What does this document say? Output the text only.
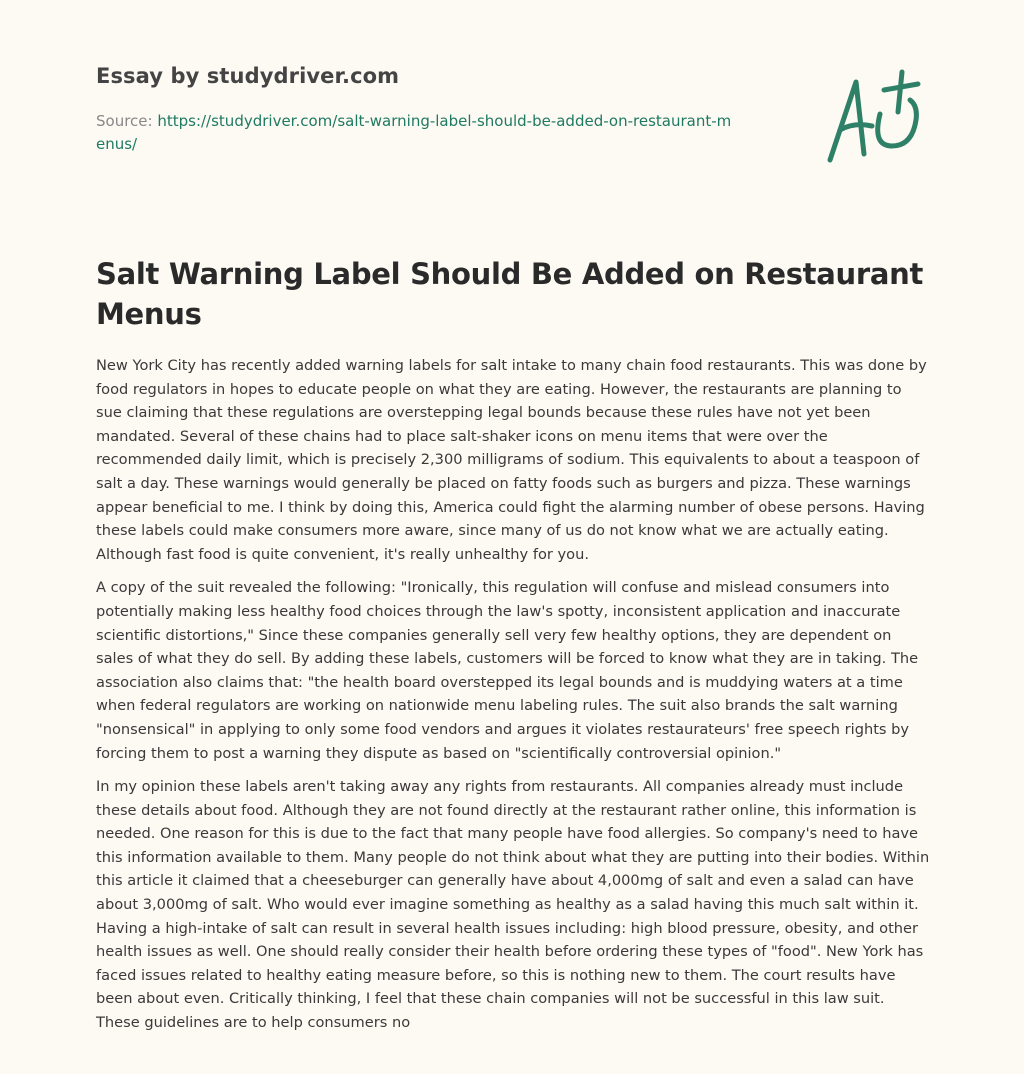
Essay by studydriver.com

Source: https://studydriver.com/salt-warning-label-should-be-added-on-restaurant-menus/

Salt Warning Label Should Be Added on Restaurant Menus

New York City has recently added warning labels for salt intake to many chain food restaurants. This was done by food regulators in hopes to educate people on what they are eating. However, the restaurants are planning to sue claiming that these regulations are overstepping legal bounds because these rules have not yet been mandated. Several of these chains had to place salt-shaker icons on menu items that were over the recommended daily limit, which is precisely 2,300 milligrams of sodium. This equivalents to about a teaspoon of salt a day. These warnings would generally be placed on fatty foods such as burgers and pizza. These warnings appear beneficial to me. I think by doing this, America could fight the alarming number of obese persons. Having these labels could make consumers more aware, since many of us do not know what we are actually eating. Although fast food is quite convenient, it's really unhealthy for you.

A copy of the suit revealed the following: "Ironically, this regulation will confuse and mislead consumers into potentially making less healthy food choices through the law's spotty, inconsistent application and inaccurate scientific distortions," Since these companies generally sell very few healthy options, they are dependent on sales of what they do sell. By adding these labels, customers will be forced to know what they are in taking. The association also claims that: "the health board overstepped its legal bounds and is muddying waters at a time when federal regulators are working on nationwide menu labeling rules. The suit also brands the salt warning "nonsensical" in applying to only some food vendors and argues it violates restaurateurs' free speech rights by forcing them to post a warning they dispute as based on "scientifically controversial opinion."

In my opinion these labels aren't taking away any rights from restaurants. All companies already must include these details about food. Although they are not found directly at the restaurant rather online, this information is needed. One reason for this is due to the fact that many people have food allergies. So company's need to have this information available to them. Many people do not think about what they are putting into their bodies. Within this article it claimed that a cheeseburger can generally have about 4,000mg of salt and even a salad can have about 3,000mg of salt. Who would ever imagine something as healthy as a salad having this much salt within it. Having a high-intake of salt can result in several health issues including: high blood pressure, obesity, and other health issues as well. One should really consider their health before ordering these types of "food". New York has faced issues related to healthy eating measure before, so this is nothing new to them. The court results have been about even. Critically thinking, I feel that these chain companies will not be successful in this law suit. These guidelines are to help consumers no
